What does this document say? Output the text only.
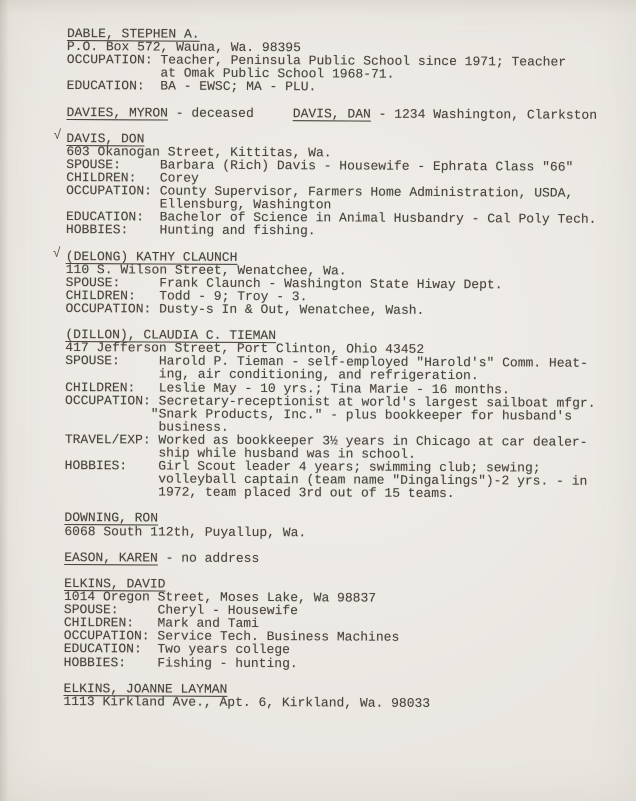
DABLE, STEPHEN A.
P.O. Box 572, Wauna, Wa. 98395
OCCUPATION: Teacher, Peninsula Public School since 1971; Teacher
at Omak Public School 1968-71.
EDUCATION:  BA - EWSC; MA - PLU.
DAVIES, MYRON - deceased     DAVIS, DAN - 1234 Washington, Clarkston
√ DAVIS, DON
603 Okanogan Street, Kittitas, Wa.
SPOUSE:     Barbara (Rich) Davis - Housewife - Ephrata Class "66"
CHILDREN:   Corey
OCCUPATION: County Supervisor, Farmers Home Administration, USDA,
Ellensburg, Washington
EDUCATION:  Bachelor of Science in Animal Husbandry - Cal Poly Tech.
HOBBIES:    Hunting and fishing.
√ (DELONG) KATHY CLAUNCH
110 S. Wilson Street, Wenatchee, Wa.
SPOUSE:     Frank Claunch - Washington State Hiway Dept.
CHILDREN:   Todd - 9; Troy - 3.
OCCUPATION: Dusty-s In & Out, Wenatchee, Wash.
(DILLON), CLAUDIA C. TIEMAN
417 Jefferson Street, Port Clinton, Ohio 43452
SPOUSE:     Harold P. Tieman - self-employed "Harold's" Comm. Heat-
ing, air conditioning, and refrigeration.
CHILDREN:   Leslie May - 10 yrs.; Tina Marie - 16 months.
OCCUPATION: Secretary-receptionist at world's largest sailboat mfgr.
"Snark Products, Inc." - plus bookkeeper for husband's
business.
TRAVEL/EXP: Worked as bookkeeper 3½ years in Chicago at car dealer-
ship while husband was in school.
HOBBIES:    Girl Scout leader 4 years; swimming club; sewing;
volleyball captain (team name "Dingalings")-2 yrs. - in
1972, team placed 3rd out of 15 teams.
DOWNING, RON
6068 South 112th, Puyallup, Wa.
EASON, KAREN - no address
ELKINS, DAVID
1014 Oregon Street, Moses Lake, Wa 98837
SPOUSE:     Cheryl - Housewife
CHILDREN:   Mark and Tami
OCCUPATION: Service Tech. Business Machines
EDUCATION:  Two years college
HOBBIES:    Fishing - hunting.
ELKINS, JOANNE LAYMAN
1113 Kirkland Ave., Apt. 6, Kirkland, Wa. 98033
